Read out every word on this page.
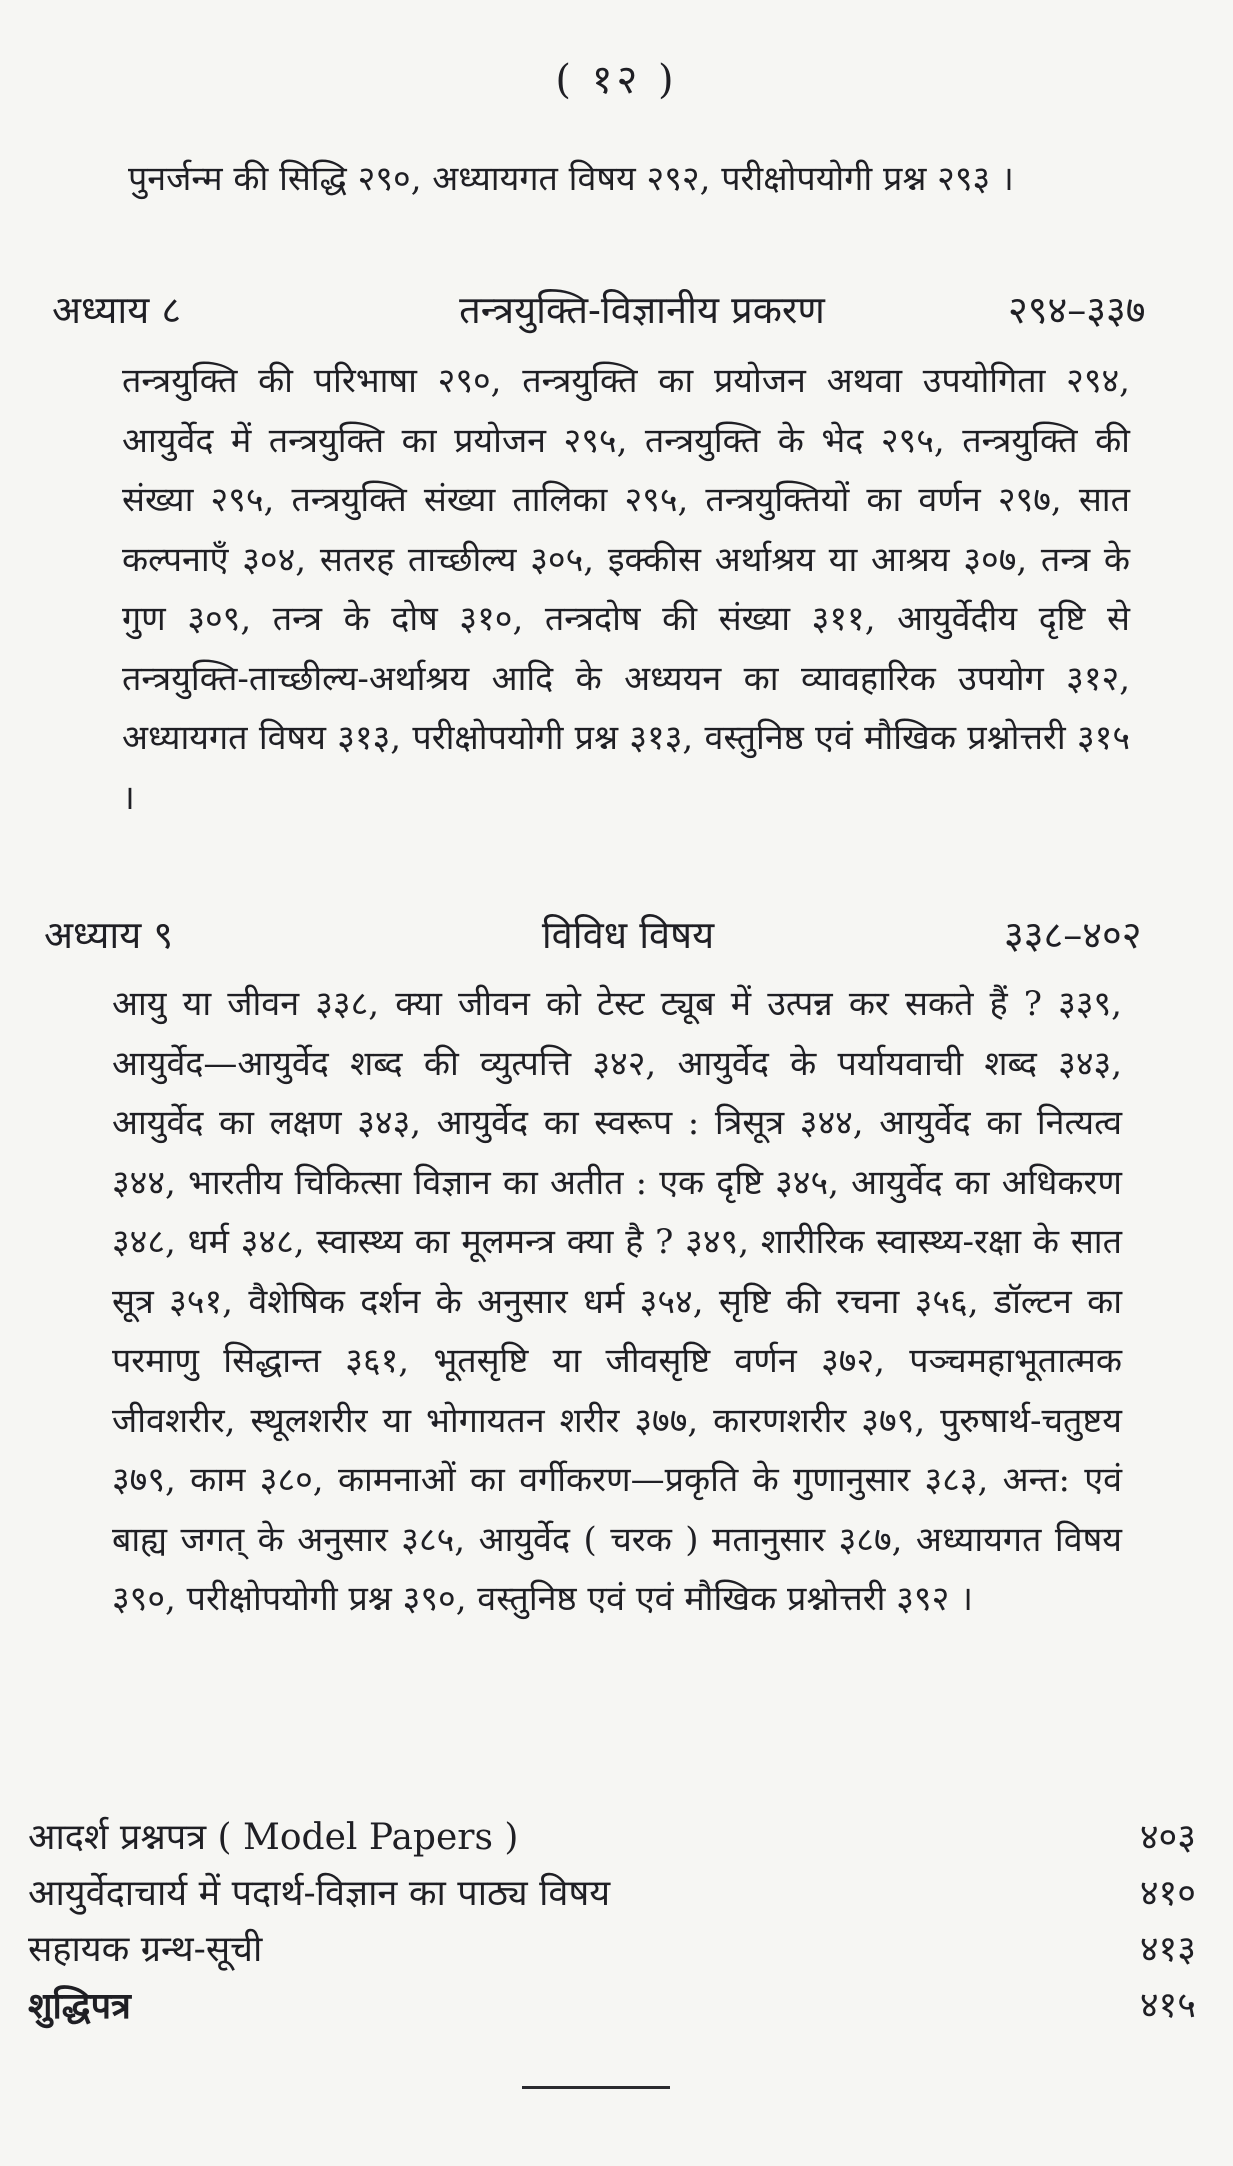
( १२ )

पुनर्जन्म की सिद्धि २९०, अध्यायगत विषय २९२, परीक्षोपयोगी प्रश्न २९३ ।

अध्याय ८	तन्त्रयुक्ति-विज्ञानीय प्रकरण	२९४–३३७

तन्त्रयुक्ति की परिभाषा २९०, तन्त्रयुक्ति का प्रयोजन अथवा उपयोगिता २९४, आयुर्वेद में तन्त्रयुक्ति का प्रयोजन २९५, तन्त्रयुक्ति के भेद २९५, तन्त्रयुक्ति की संख्या २९५, तन्त्रयुक्ति संख्या तालिका २९५, तन्त्रयुक्तियों का वर्णन २९७, सात कल्पनाएँ ३०४, सतरह ताच्छील्य ३०५, इक्कीस अर्थाश्रय या आश्रय ३०७, तन्त्र के गुण ३०९, तन्त्र के दोष ३१०, तन्त्रदोष की संख्या ३११, आयुर्वेदीय दृष्टि से तन्त्रयुक्ति-ताच्छील्य-अर्थाश्रय आदि के अध्ययन का व्यावहारिक उपयोग ३१२, अध्यायगत विषय ३१३, परीक्षोपयोगी प्रश्न ३१३, वस्तुनिष्ठ एवं मौखिक प्रश्नोत्तरी ३१५ ।

अध्याय ९	विविध विषय	३३८–४०२

आयु या जीवन ३३८, क्या जीवन को टेस्ट ट्यूब में उत्पन्न कर सकते हैं ? ३३९, आयुर्वेद—आयुर्वेद शब्द की व्युत्पत्ति ३४२, आयुर्वेद के पर्यायवाची शब्द ३४३, आयुर्वेद का लक्षण ३४३, आयुर्वेद का स्वरूप : त्रिसूत्र ३४४, आयुर्वेद का नित्यत्व ३४४, भारतीय चिकित्सा विज्ञान का अतीत : एक दृष्टि ३४५, आयुर्वेद का अधिकरण ३४८, धर्म ३४८, स्वास्थ्य का मूलमन्त्र क्या है ? ३४९, शारीरिक स्वास्थ्य-रक्षा के सात सूत्र ३५१, वैशेषिक दर्शन के अनुसार धर्म ३५४, सृष्टि की रचना ३५६, डॉल्टन का परमाणु सिद्धान्त ३६१, भूतसृष्टि या जीवसृष्टि वर्णन ३७२, पञ्चमहाभूतात्मक जीवशरीर, स्थूलशरीर या भोगायतन शरीर ३७७, कारणशरीर ३७९, पुरुषार्थ-चतुष्टय ३७९, काम ३८०, कामनाओं का वर्गीकरण—प्रकृति के गुणानुसार ३८३, अन्त: एवं बाह्य जगत् के अनुसार ३८५, आयुर्वेद ( चरक ) मतानुसार ३८७, अध्यायगत विषय ३९०, परीक्षोपयोगी प्रश्न ३९०, वस्तुनिष्ठ एवं एवं मौखिक प्रश्नोत्तरी ३९२ ।

आदर्श प्रश्नपत्र ( Model Papers )	४०३
आयुर्वेदाचार्य में पदार्थ-विज्ञान का पाठ्य विषय	४१०
सहायक ग्रन्थ-सूची	४१३
शुद्धिपत्र	४१५
